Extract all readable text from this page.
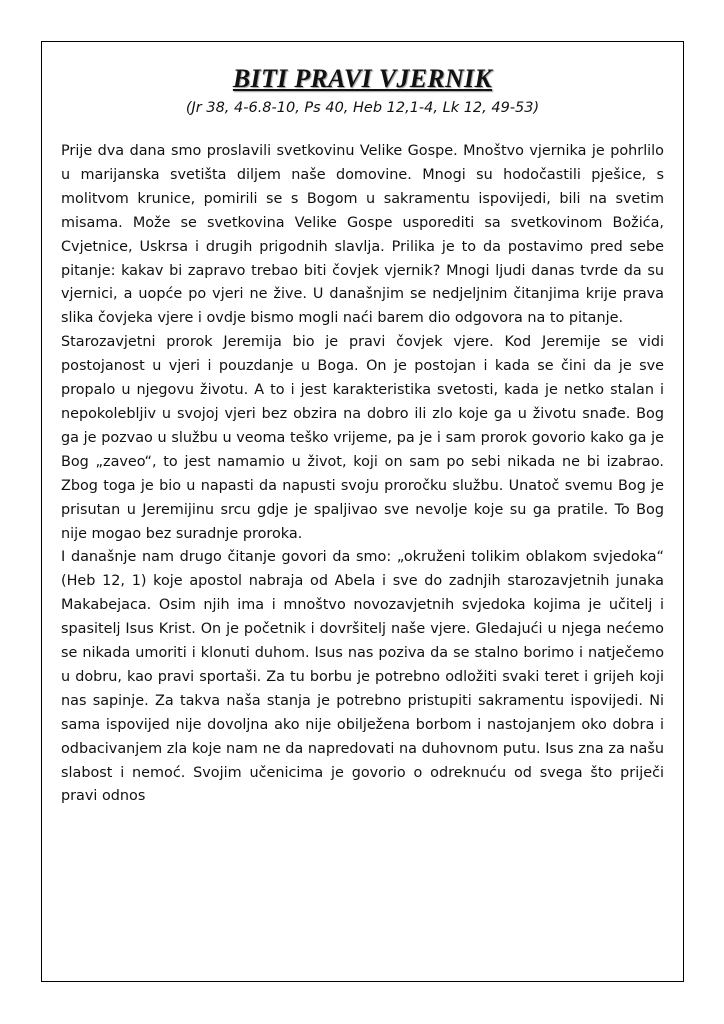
BITI PRAVI VJERNIK
(Jr 38, 4-6.8-10, Ps 40, Heb 12,1-4, Lk 12, 49-53)

Prije dva dana smo proslavili svetkovinu Velike Gospe. Mnoštvo vjernika je pohrlilo u marijanska svetišta diljem naše domovine. Mnogi su hodočastili pješice, s molitvom krunice, pomirili se s Bogom u sakramentu ispovijedi, bili na svetim misama. Može se svetkovina Velike Gospe usporediti sa svetkovinom Božića, Cvjetnice, Uskrsa i drugih prigodnih slavlja. Prilika je to da postavimo pred sebe pitanje: kakav bi zapravo trebao biti čovjek vjernik? Mnogi ljudi danas tvrde da su vjernici, a uopće po vjeri ne žive. U današnjim se nedjeljnim čitanjima krije prava slika čovjeka vjere i ovdje bismo mogli naći barem dio odgovora na to pitanje.

Starozavjetni prorok Jeremija bio je pravi čovjek vjere. Kod Jeremije se vidi postojanost u vjeri i pouzdanje u Boga. On je postojan i kada se čini da je sve propalo u njegovu životu. A to i jest karakteristika svetosti, kada je netko stalan i nepokolebljiv u svojoj vjeri bez obzira na dobro ili zlo koje ga u životu snađe. Bog ga je pozvao u službu u veoma teško vrijeme, pa je i sam prorok govorio kako ga je Bog „zaveo“, to jest namamio u život, koji on sam po sebi nikada ne bi izabrao. Zbog toga je bio u napasti da napusti svoju proročku službu. Unatoč svemu Bog je prisutan u Jeremijinu srcu gdje je spaljivao sve nevolje koje su ga pratile. To Bog nije mogao bez suradnje proroka.

I današnje nam drugo čitanje govori da smo: „okruženi tolikim oblakom svjedoka“ (Heb 12, 1) koje apostol nabraja od Abela i sve do zadnjih starozavjetnih junaka Makabejaca. Osim njih ima i mnoštvo novozavjetnih svjedoka kojima je učitelj i spasitelj Isus Krist. On je početnik i dovršitelj naše vjere. Gledajući u njega nećemo se nikada umoriti i klonuti duhom. Isus nas poziva da se stalno borimo i natječemo u dobru, kao pravi sportaši. Za tu borbu je potrebno odložiti svaki teret i grijeh koji nas sapinje. Za takva naša stanja je potrebno pristupiti sakramentu ispovijedi. Ni sama ispovijed nije dovoljna ako nije obilježena borbom i nastojanjem oko dobra i odbacivanjem zla koje nam ne da napredovati na duhovnom putu. Isus zna za našu slabost i nemoć. Svojim učenicima je govorio o odreknuću od svega što priječi pravi odnos
